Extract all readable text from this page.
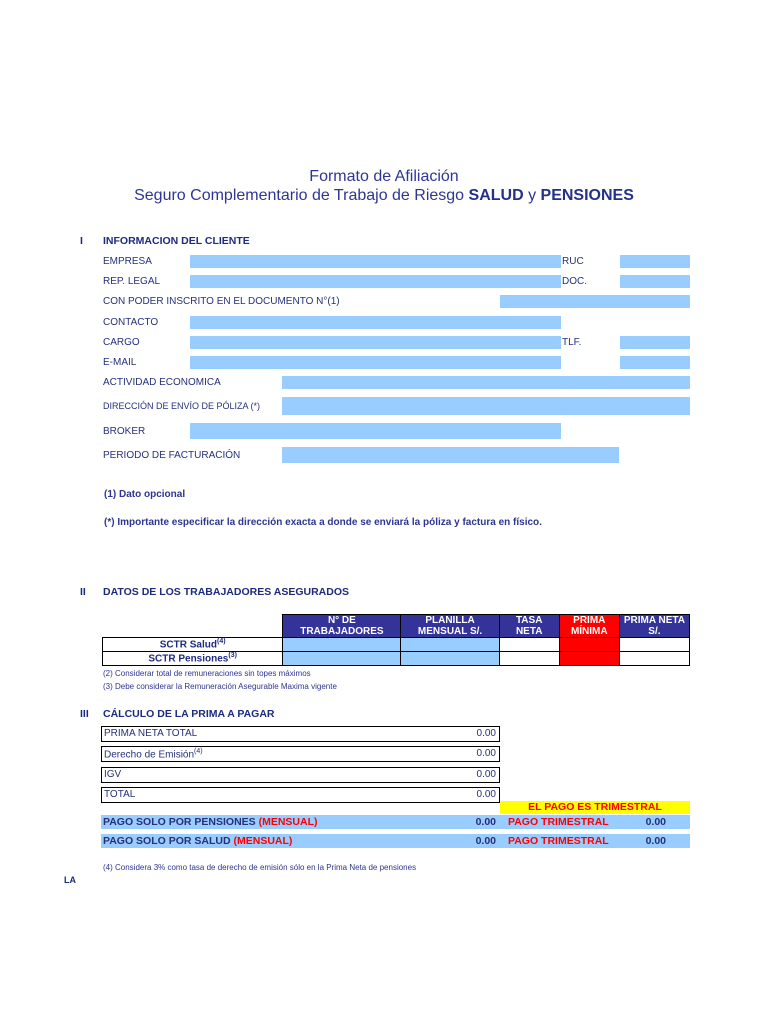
Formato de Afiliación
Seguro Complementario de Trabajo de Riesgo SALUD y PENSIONES
I INFORMACION DEL CLIENTE
EMPRESA	RUC
REP. LEGAL	DOC.
CON PODER INSCRITO EN EL DOCUMENTO N°(1)
CONTACTO
CARGO	TLF.
E-MAIL
ACTIVIDAD ECONOMICA
DIRECCIÓN DE ENVÍO DE PÓLIZA (*)
BROKER
PERIODO DE FACTURACIÓN
(1) Dato opcional
(*) Importante especificar la dirección exacta a donde se enviará la póliza y factura en físico.
II DATOS DE LOS TRABAJADORES ASEGURADOS
	N° DE TRABAJADORES	PLANILLA MENSUAL S/.	TASA NETA	PRIMA MÍNIMA	PRIMA NETA S/.
SCTR Salud$^{(4)}$					
SCTR Pensiones$^{(3)}$					
(2) Considerar total de remuneraciones sin topes máximos
(3) Debe considerar la Remuneración Asegurable Maxima vigente
III CÁLCULO DE LA PRIMA A PAGAR
PRIMA NETA TOTAL	0.00
Derecho de Emisión$^{(4)}$	0.00
IGV	0.00
TOTAL	0.00
EL PAGO ES TRIMESTRAL
PAGO SOLO POR PENSIONES (MENSUAL)	0.00 PAGO TRIMESTRAL	0.00
PAGO SOLO POR SALUD (MENSUAL)	0.00 PAGO TRIMESTRAL	0.00
(4) Considera 3% como tasa de derecho de emisión sólo en la Prima Neta de pensiones
LA
